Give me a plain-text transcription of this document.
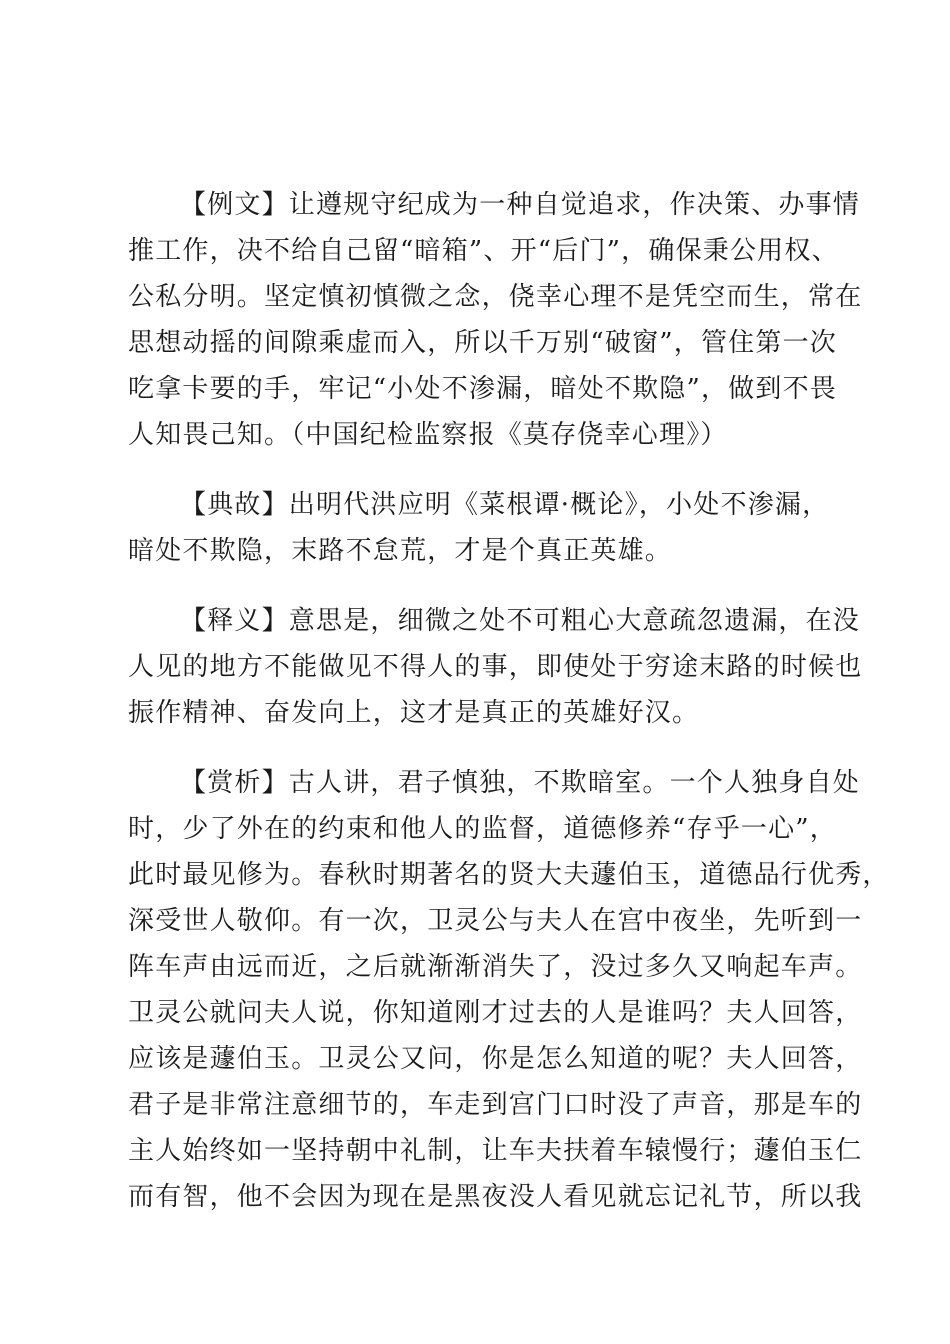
【例文】让遵规守纪成为一种自觉追求，作决策、办事情
推工作，决不给自己留“暗箱”、开“后门”，确保秉公用权、
公私分明。坚定慎初慎微之念，侥幸心理不是凭空而生，常在
思想动摇的间隙乘虚而入，所以千万别“破窗”，管住第一次
吃拿卡要的手，牢记“小处不渗漏，暗处不欺隐”，做到不畏
人知畏己知。（中国纪检监察报《莫存侥幸心理》）
【典故】出明代洪应明《菜根谭·概论》，小处不渗漏，
暗处不欺隐，末路不怠荒，才是个真正英雄。
【释义】意思是，细微之处不可粗心大意疏忽遗漏，在没
人见的地方不能做见不得人的事，即使处于穷途末路的时候也
振作精神、奋发向上，这才是真正的英雄好汉。
【赏析】古人讲，君子慎独，不欺暗室。一个人独身自处
时，少了外在的约束和他人的监督，道德修养“存乎一心”，
此时最见修为。春秋时期著名的贤大夫蘧伯玉，道德品行优秀，
深受世人敬仰。有一次，卫灵公与夫人在宫中夜坐，先听到一
阵车声由远而近，之后就渐渐消失了，没过多久又响起车声。
卫灵公就问夫人说，你知道刚才过去的人是谁吗？夫人回答，
应该是蘧伯玉。卫灵公又问，你是怎么知道的呢？夫人回答，
君子是非常注意细节的，车走到宫门口时没了声音，那是车的
主人始终如一坚持朝中礼制，让车夫扶着车辕慢行；蘧伯玉仁
而有智，他不会因为现在是黑夜没人看见就忘记礼节，所以我
